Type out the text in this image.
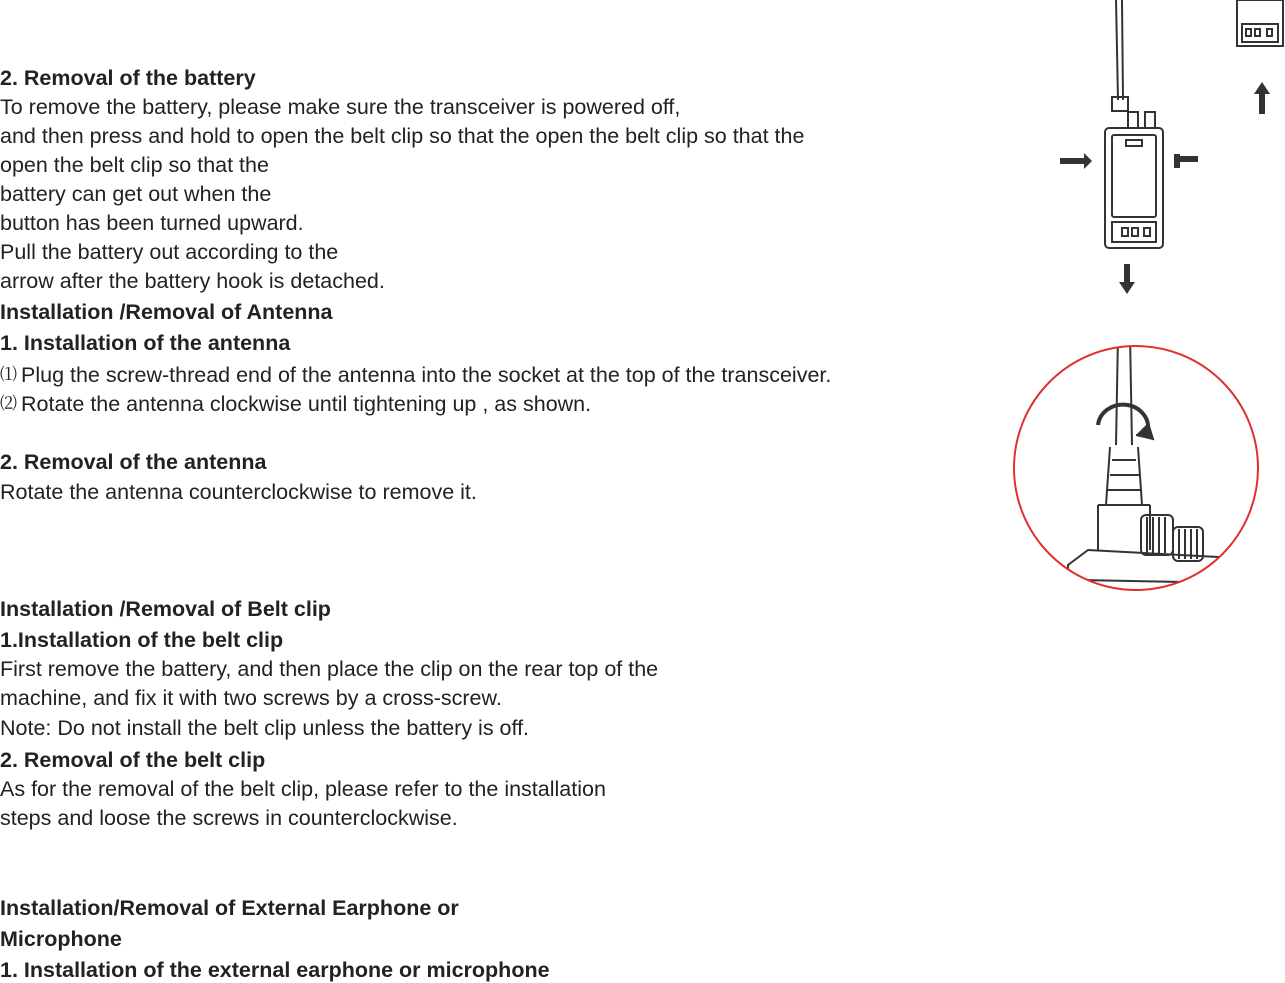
2. Removal of the battery
To remove the battery, please make sure the transceiver is powered off,
and then press and hold to open the belt clip so that the open the belt clip so that the
open the belt clip so that the
battery can get out when the
button has been turned upward.
Pull the battery out according to the
arrow after the battery hook is detached.
Installation /Removal of Antenna
1. Installation of the antenna
⑴ Plug the screw-thread end of the antenna into the socket at the top of the transceiver.
⑵ Rotate the antenna clockwise until tightening up , as shown.
2. Removal of the antenna
Rotate the antenna counterclockwise to remove it.
Installation /Removal of Belt clip
1.Installation of the belt clip
First remove the battery, and then place the clip on the rear top of the
machine, and fix it with two screws by a cross-screw.
Note: Do not install the belt clip unless the battery is off.
2. Removal of the belt clip
As for the removal of the belt clip, please refer to the installation
steps and loose the screws in counterclockwise.
Installation/Removal of External Earphone or
Microphone
1. Installation of the external earphone or microphone
